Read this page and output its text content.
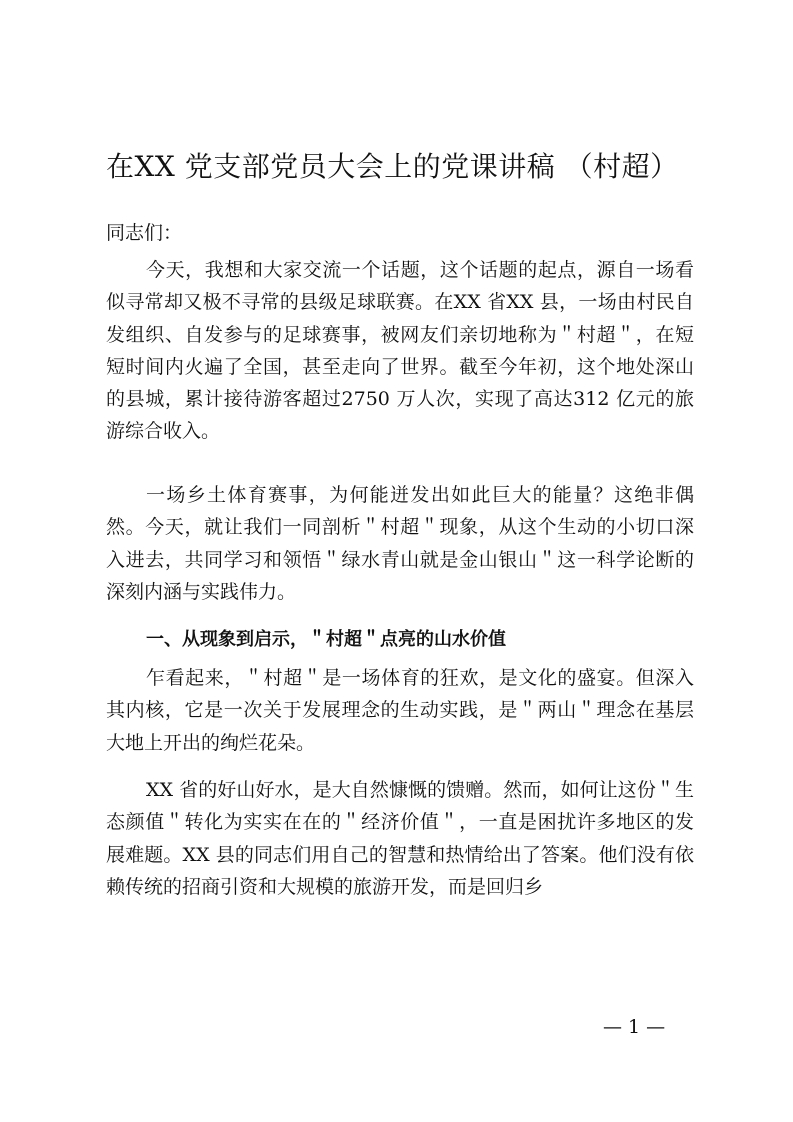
在XX 党支部党员大会上的党课讲稿 （村超）
同志们：

今天，我想和大家交流一个话题，这个话题的起点，源自一场看似寻常却又极不寻常的县级足球联赛。在XX 省XX 县，一场由村民自发组织、自发参与的足球赛事，被网友们亲切地称为＂村超＂，在短短时间内火遍了全国，甚至走向了世界。截至今年初，这个地处深山的县城，累计接待游客超过2750 万人次，实现了高达312 亿元的旅游综合收入。

一场乡土体育赛事，为何能迸发出如此巨大的能量？这绝非偶然。今天，就让我们一同剖析＂村超＂现象，从这个生动的小切口深入进去，共同学习和领悟＂绿水青山就是金山银山＂这一科学论断的深刻内涵与实践伟力。

一、从现象到启示，＂村超＂点亮的山水价值

乍看起来，＂村超＂是一场体育的狂欢，是文化的盛宴。但深入其内核，它是一次关于发展理念的生动实践，是＂两山＂理念在基层大地上开出的绚烂花朵。

XX 省的好山好水，是大自然慷慨的馈赠。然而，如何让这份＂生态颜值＂转化为实实在在的＂经济价值＂，一直是困扰许多地区的发展难题。XX 县的同志们用自己的智慧和热情给出了答案。他们没有依赖传统的招商引资和大规模的旅游开发，而是回归乡

— 1 —
